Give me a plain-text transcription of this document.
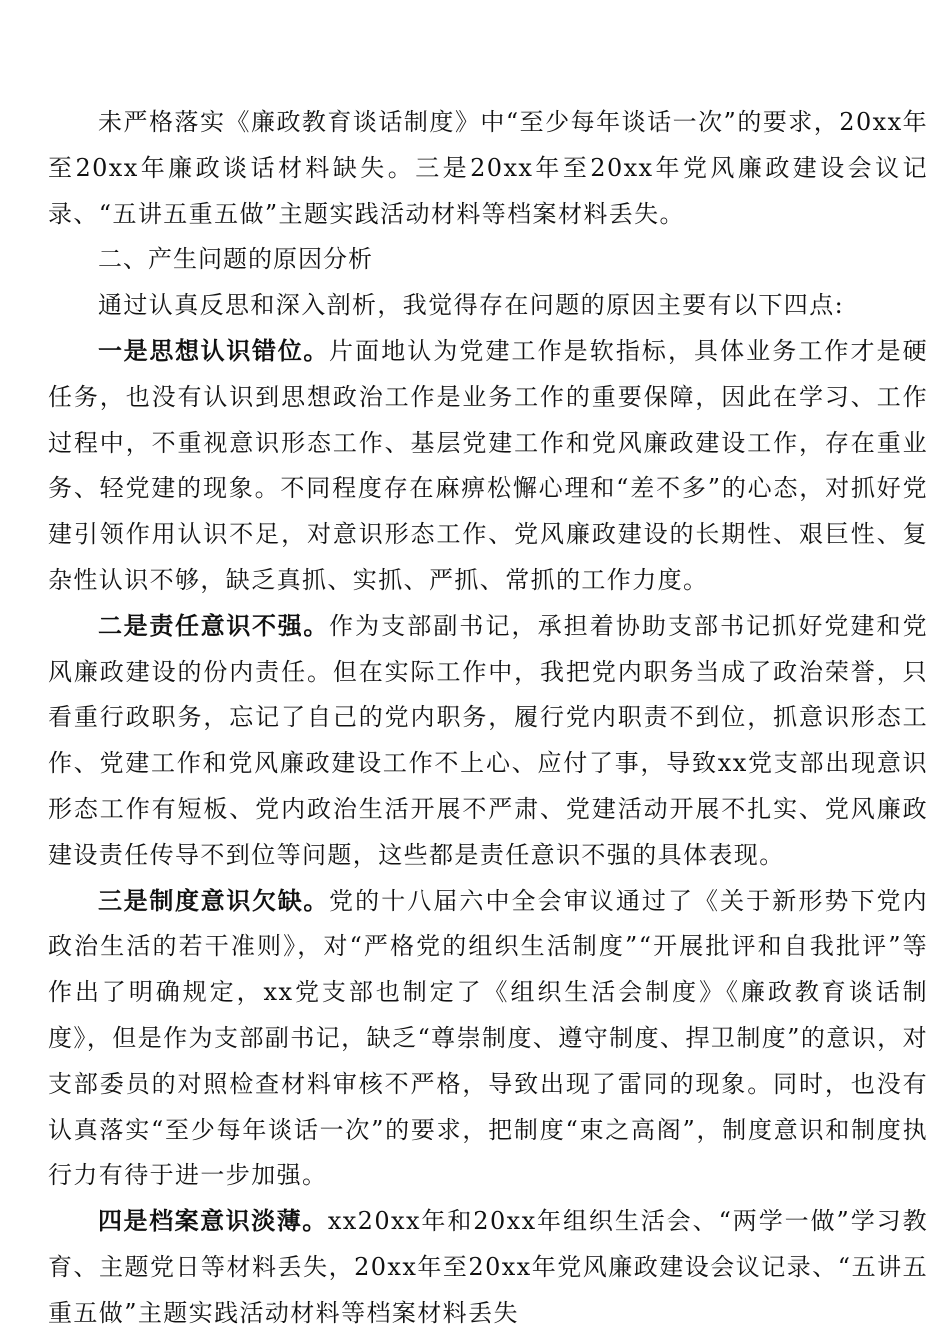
未严格落实《廉政教育谈话制度》中“至少每年谈话一次”的要求，20xx年至20xx年廉政谈话材料缺失。三是20xx年至20xx年党风廉政建设会议记录、“五讲五重五做”主题实践活动材料等档案材料丢失。

二、产生问题的原因分析

通过认真反思和深入剖析，我觉得存在问题的原因主要有以下四点:

一是思想认识错位。片面地认为党建工作是软指标，具体业务工作才是硬任务，也没有认识到思想政治工作是业务工作的重要保障，因此在学习、工作过程中，不重视意识形态工作、基层党建工作和党风廉政建设工作，存在重业务、轻党建的现象。不同程度存在麻痹松懈心理和“差不多”的心态，对抓好党建引领作用认识不足，对意识形态工作、党风廉政建设的长期性、艰巨性、复杂性认识不够，缺乏真抓、实抓、严抓、常抓的工作力度。

二是责任意识不强。作为支部副书记，承担着协助支部书记抓好党建和党风廉政建设的份内责任。但在实际工作中，我把党内职务当成了政治荣誉，只看重行政职务，忘记了自己的党内职务，履行党内职责不到位，抓意识形态工作、党建工作和党风廉政建设工作不上心、应付了事，导致xx党支部出现意识形态工作有短板、党内政治生活开展不严肃、党建活动开展不扎实、党风廉政建设责任传导不到位等问题，这些都是责任意识不强的具体表现。

三是制度意识欠缺。党的十八届六中全会审议通过了《关于新形势下党内政治生活的若干准则》，对“严格党的组织生活制度”“开展批评和自我批评”等作出了明确规定，xx党支部也制定了《组织生活会制度》《廉政教育谈话制度》，但是作为支部副书记，缺乏“尊崇制度、遵守制度、捍卫制度”的意识，对支部委员的对照检查材料审核不严格，导致出现了雷同的现象。同时，也没有认真落实“至少每年谈话一次”的要求，把制度“束之高阁”，制度意识和制度执行力有待于进一步加强。

四是档案意识淡薄。xx20xx年和20xx年组织生活会、“两学一做”学习教育、主题党日等材料丢失，20xx年至20xx年党风廉政建设会议记录、“五讲五重五做”主题实践活动材料等档案材料丢失
